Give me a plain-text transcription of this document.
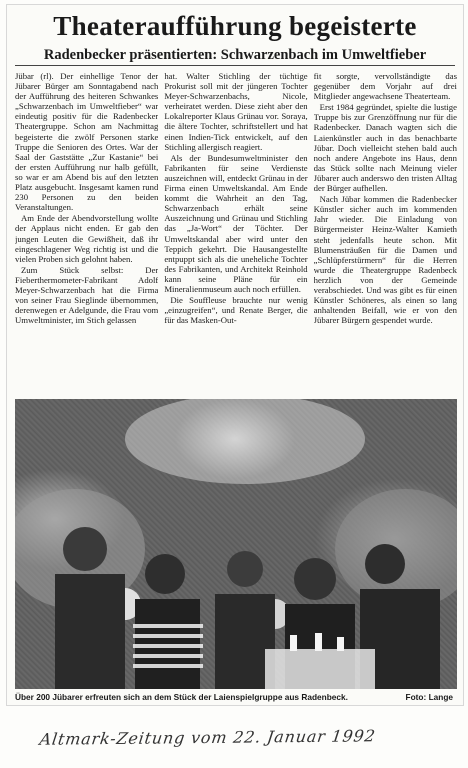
Theateraufführung begeisterte
Radenbecker präsentierten: Schwarzenbach im Umweltfieber

Jübar (rl). Der einhellige Tenor der Jübarer Bürger am Sonntagabend nach der Aufführung des heiteren Schwankes „Schwarzenbach im Umweltfieber“ war eindeutig positiv für die Radenbecker Theatergruppe. Schon am Nachmittag begeisterte die zwölf Personen starke Truppe die Senioren des Ortes. War der Saal der Gaststätte „Zur Kastanie“ bei der ersten Aufführung nur halb gefüllt, so war er am Abend bis auf den letzten Platz ausgebucht. Insgesamt kamen rund 230 Personen zu den beiden Veranstaltungen.

Am Ende der Abendvorstellung wollte der Applaus nicht enden. Er gab den jungen Leuten die Gewißheit, daß ihr eingeschlagener Weg richtig ist und die vielen Proben sich gelohnt haben.

Zum Stück selbst: Der Fieberthermometer-Fabrikant Adolf Meyer-Schwarzenbach hat die Firma von seiner Frau Sieglinde übernommen, derenwegen er Adelgunde, die Frau vom Umweltminister, im Stich gelassen

hat. Walter Stichling der tüchtige Prokurist soll mit der jüngeren Tochter Meyer-Schwarzenbachs, Nicole, verheiratet werden. Diese zieht aber den Lokalreporter Klaus Grünau vor. Soraya, die ältere Tochter, schriftstellert und hat einen Indien-Tick entwickelt, auf den Stichling allergisch reagiert.

Als der Bundesumweltminister den Fabrikanten für seine Verdienste auszeichnen will, entdeckt Grünau in der Firma einen Umweltskandal. Am Ende kommt die Wahrheit an den Tag, Schwarzenbach erhält seine Auszeichnung und Grünau und Stichling das „Ja-Wort“ der Töchter. Der Umweltskandal aber wird unter den Teppich gekehrt. Die Hausangestellte entpuppt sich als die uneheliche Tochter des Fabrikanten, und Architekt Reinhold kann seine Pläne für ein Mineralienmuseum auch noch erfüllen.

Die Souffleuse brauchte nur wenig „einzugreifen“, und Renate Berger, die für das Masken-Out-

fit sorgte, vervollständigte das gegenüber dem Vorjahr auf drei Mitglieder angewachsene Theaterteam.

Erst 1984 gegründet, spielte die lustige Truppe bis zur Grenzöffnung nur für die Radenbecker. Danach wagten sich die Laienkünstler auch in das benachbarte Jübar. Doch vielleicht stehen bald auch noch andere Angebote ins Haus, denn das Stück sollte nach Meinung vieler Jübarer auch anderswo den tristen Alltag der Bürger aufhellen.

Nach Jübar kommen die Radenbecker Künstler sicher auch im kommenden Jahr wieder. Die Einladung von Bürgermeister Heinz-Walter Kamieth steht jedenfalls heute schon. Mit Blumensträußen für die Damen und „Schlüpferstürmern“ für die Herren wurde die Theatergruppe Radenbeck herzlich von der Gemeinde verabschiedet. Und was gibt es für einen Künstler Schöneres, als einen so lang anhaltenden Beifall, wie er von den Jübarer Bürgern gespendet wurde.

Über 200 Jübarer erfreuten sich an dem Stück der Laienspielgruppe aus Radenbeck.	Foto: Lange
Altmark-Zeitung vom 22. Januar 1992
